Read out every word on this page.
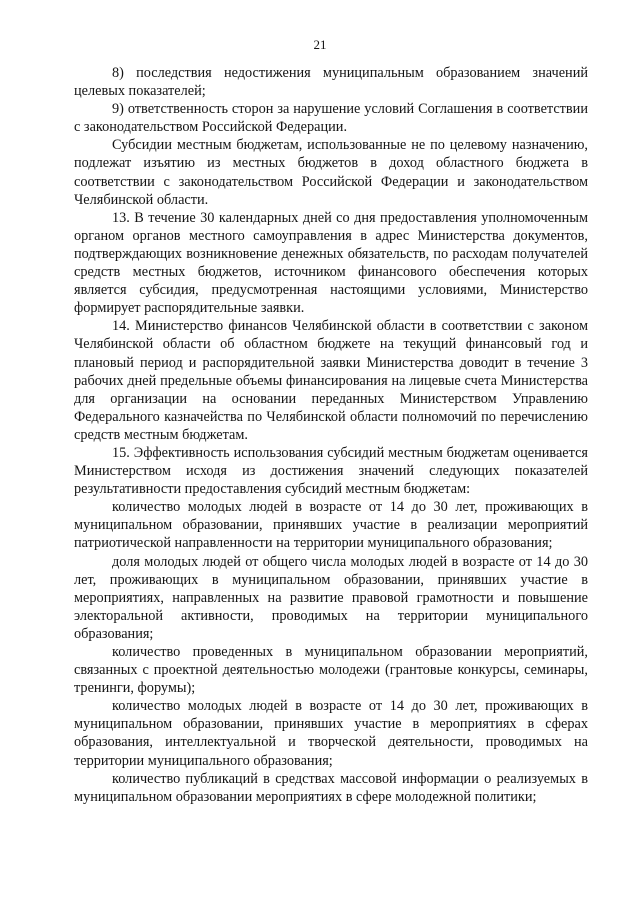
21

8) последствия недостижения муниципальным образованием значений целевых показателей;

9) ответственность сторон за нарушение условий Соглашения в соответствии с законодательством Российской Федерации.

Субсидии местным бюджетам, использованные не по целевому назначению, подлежат изъятию из местных бюджетов в доход областного бюджета в соответствии с законодательством Российской Федерации и законодательством Челябинской области.

13. В течение 30 календарных дней со дня предоставления уполномоченным органом органов местного самоуправления в адрес Министерства документов, подтверждающих возникновение денежных обязательств, по расходам получателей средств местных бюджетов, источником финансового обеспечения которых является субсидия, предусмотренная настоящими условиями, Министерство формирует распорядительные заявки.

14. Министерство финансов Челябинской области в соответствии с законом Челябинской области об областном бюджете на текущий финансовый год и плановый период и распорядительной заявки Министерства доводит в течение 3 рабочих дней предельные объемы финансирования на лицевые счета Министерства для организации на основании переданных Министерством Управлению Федерального казначейства по Челябинской области полномочий по перечислению средств местным бюджетам.

15. Эффективность использования субсидий местным бюджетам оценивается Министерством исходя из достижения значений следующих показателей результативности предоставления субсидий местным бюджетам:

количество молодых людей в возрасте от 14 до 30 лет, проживающих в муниципальном образовании, принявших участие в реализации мероприятий патриотической направленности на территории муниципального образования;

доля молодых людей от общего числа молодых людей в возрасте от 14 до 30 лет, проживающих в муниципальном образовании, принявших участие в мероприятиях, направленных на развитие правовой грамотности и повышение электоральной активности, проводимых на территории муниципального образования;

количество проведенных в муниципальном образовании мероприятий, связанных с проектной деятельностью молодежи (грантовые конкурсы, семинары, тренинги, форумы);

количество молодых людей в возрасте от 14 до 30 лет, проживающих в муниципальном образовании, принявших участие в мероприятиях в сферах образования, интеллектуальной и творческой деятельности, проводимых на территории муниципального образования;

количество публикаций в средствах массовой информации о реализуемых в муниципальном образовании мероприятиях в сфере молодежной политики;
